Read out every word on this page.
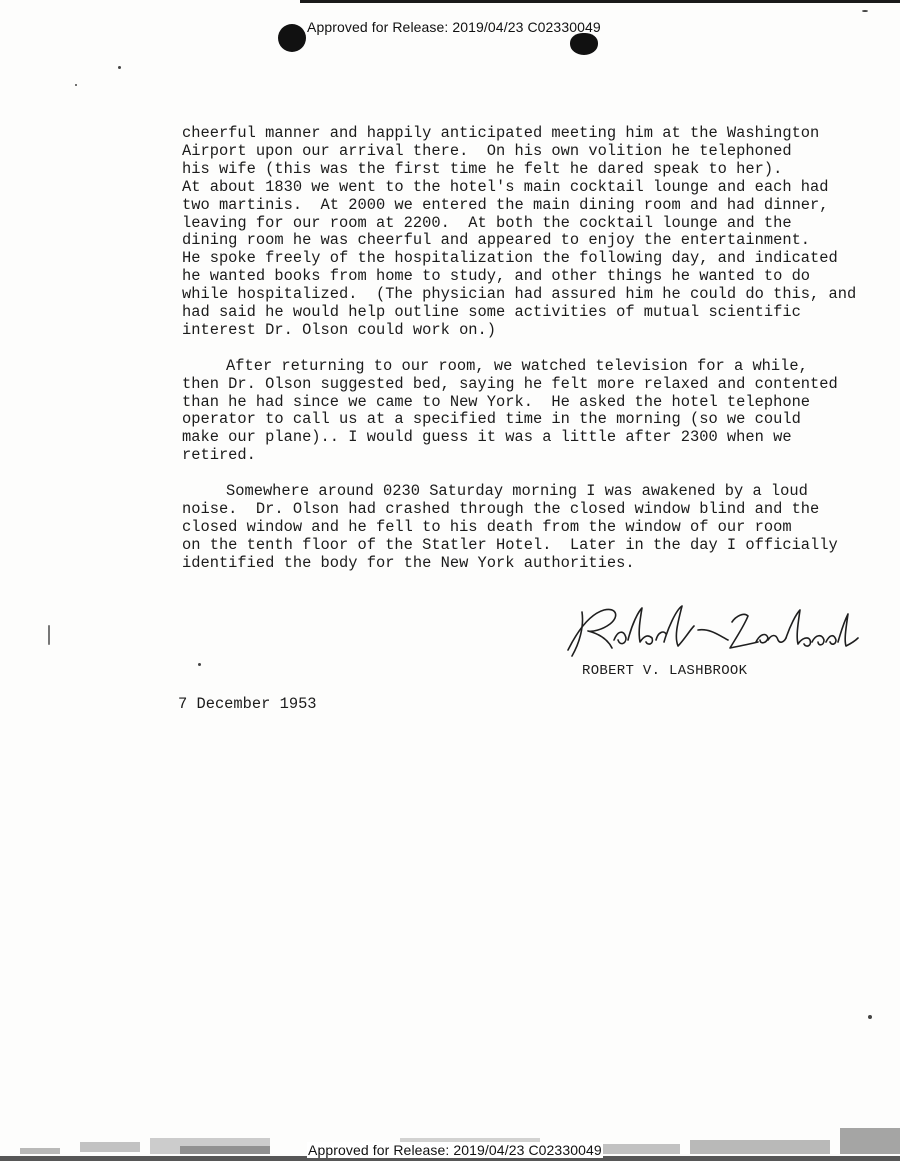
Approved for Release: 2019/04/23 C02330049

cheerful manner and happily anticipated meeting him at the Washington
Airport upon our arrival there.  On his own volition he telephoned
his wife (this was the first time he felt he dared speak to her).
At about 1830 we went to the hotel's main cocktail lounge and each had
two martinis.  At 2000 we entered the main dining room and had dinner,
leaving for our room at 2200.  At both the cocktail lounge and the
dining room he was cheerful and appeared to enjoy the entertainment.
He spoke freely of the hospitalization the following day, and indicated
he wanted books from home to study, and other things he wanted to do
while hospitalized.  (The physician had assured him he could do this, and
had said he would help outline some activities of mutual scientific
interest Dr. Olson could work on.)

After returning to our room, we watched television for a while,
then Dr. Olson suggested bed, saying he felt more relaxed and contented
than he had since we came to New York.  He asked the hotel telephone
operator to call us at a specified time in the morning (so we could
make our plane).. I would guess it was a little after 2300 when we
retired.

Somewhere around 0230 Saturday morning I was awakened by a loud
noise.  Dr. Olson had crashed through the closed window blind and the
closed window and he fell to his death from the window of our room
on the tenth floor of the Statler Hotel.  Later in the day I officially
identified the body for the New York authorities.

ROBERT V. LASHBROOK
7 December 1953
Approved for Release: 2019/04/23 C02330049
